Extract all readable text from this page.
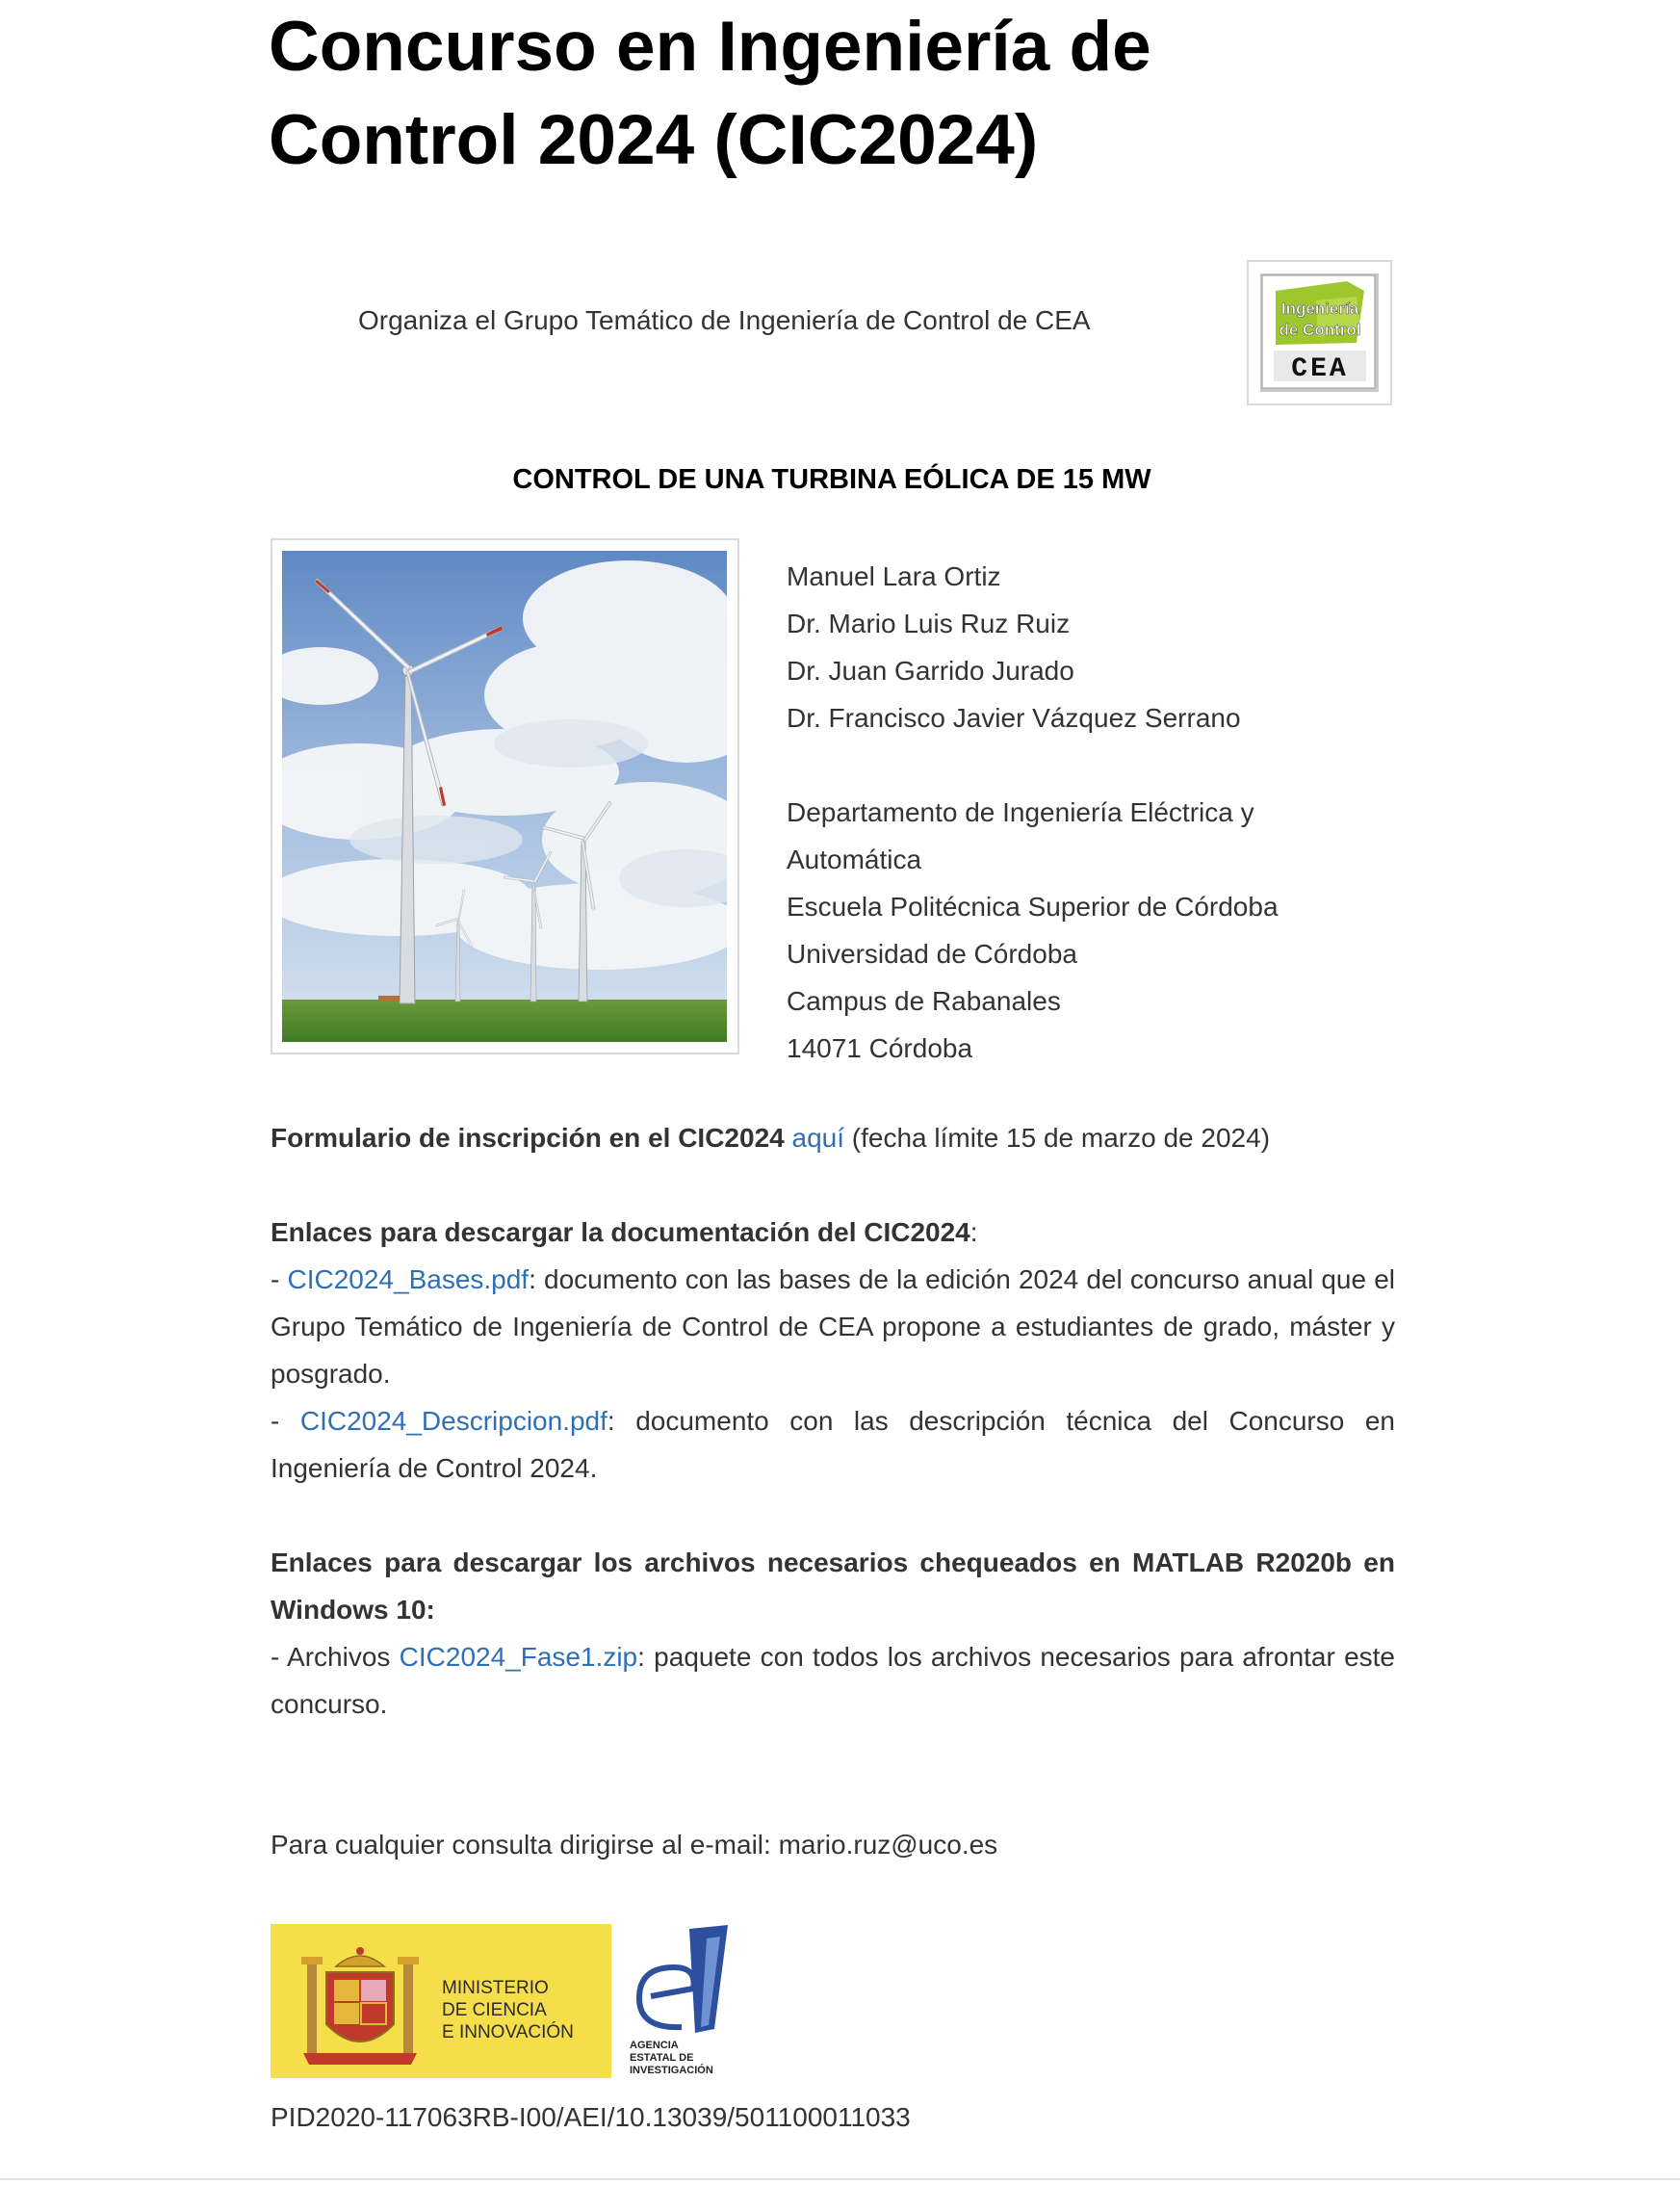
Concurso en Ingeniería de
Control 2024 (CIC2024)
Organiza el Grupo Temático de Ingeniería de Control de CEA	Ingeniería
de Control
CEA
CONTROL DE UNA TURBINA EÓLICA DE 15 MW
Manuel Lara Ortiz
Dr. Mario Luis Ruz Ruiz
Dr. Juan Garrido Jurado
Dr. Francisco Javier Vázquez Serrano
Departamento de Ingeniería Eléctrica y
Automática
Escuela Politécnica Superior de Córdoba
Universidad de Córdoba
Campus de Rabanales
14071 Córdoba

Formulario de inscripción en el CIC2024 aquí (fecha límite 15 de marzo de 2024)

Enlaces para descargar la documentación del CIC2024:

- CIC2024_Bases.pdf: documento con las bases de la edición 2024 del concurso anual que el Grupo Temático de Ingeniería de Control de CEA propone a estudiantes de grado, máster y posgrado.

- CIC2024_Descripcion.pdf: documento con las descripción técnica del Concurso en Ingeniería de Control 2024.

Enlaces para descargar los archivos necesarios chequeados en MATLAB R2020b en Windows 10:

- Archivos CIC2024_Fase1.zip: paquete con todos los archivos necesarios para afrontar este concurso.

Para cualquier consulta dirigirse al e-mail: mario.ruz@uco.es
MINISTERIO
DE CIENCIA
E INNOVACIÓN
AGENCIA
ESTATAL DE
INVESTIGACIÓN
PID2020-117063RB-I00/AEI/10.13039/501100011033
